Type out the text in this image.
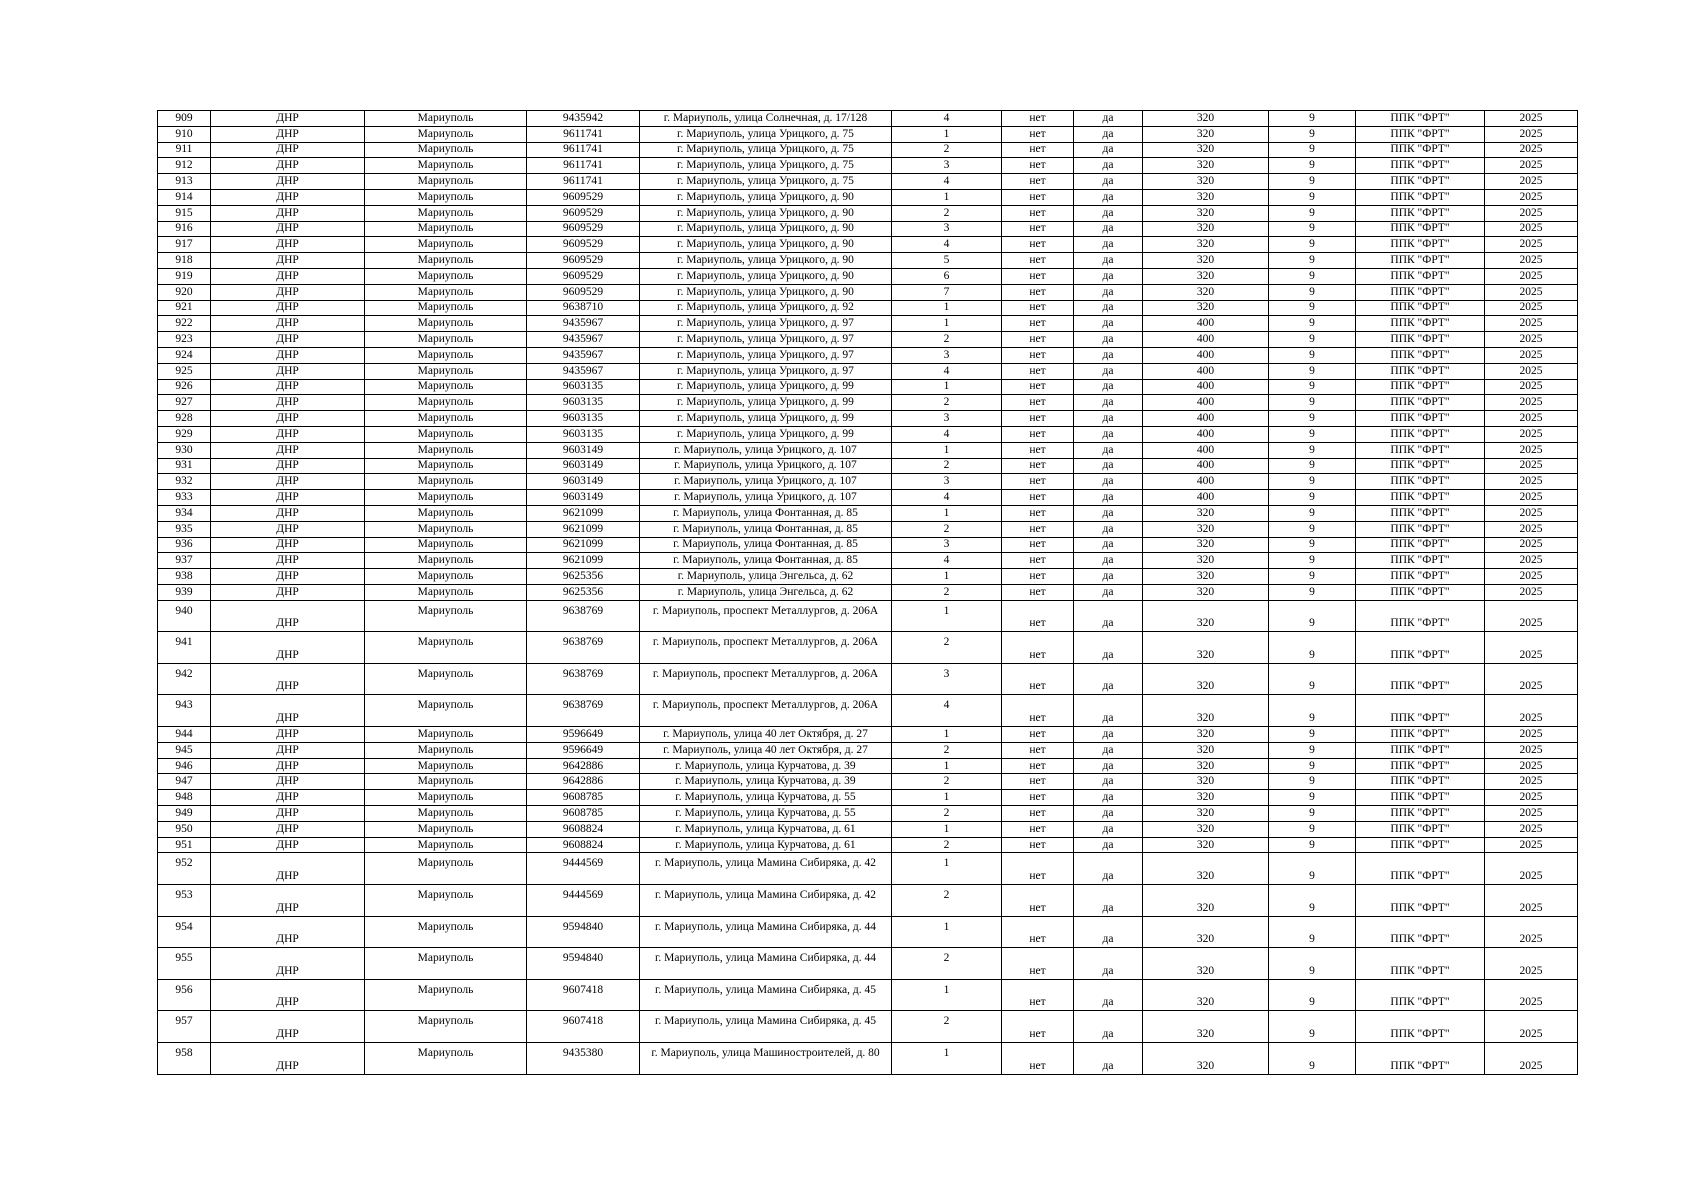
909	ДНР	Мариуполь	9435942	г. Мариуполь, улица Солнечная, д. 17/128	4	нет	да	320	9	ППК "ФРТ"	2025
910	ДНР	Мариуполь	9611741	г. Мариуполь, улица Урицкого, д. 75	1	нет	да	320	9	ППК "ФРТ"	2025
911	ДНР	Мариуполь	9611741	г. Мариуполь, улица Урицкого, д. 75	2	нет	да	320	9	ППК "ФРТ"	2025
912	ДНР	Мариуполь	9611741	г. Мариуполь, улица Урицкого, д. 75	3	нет	да	320	9	ППК "ФРТ"	2025
913	ДНР	Мариуполь	9611741	г. Мариуполь, улица Урицкого, д. 75	4	нет	да	320	9	ППК "ФРТ"	2025
914	ДНР	Мариуполь	9609529	г. Мариуполь, улица Урицкого, д. 90	1	нет	да	320	9	ППК "ФРТ"	2025
915	ДНР	Мариуполь	9609529	г. Мариуполь, улица Урицкого, д. 90	2	нет	да	320	9	ППК "ФРТ"	2025
916	ДНР	Мариуполь	9609529	г. Мариуполь, улица Урицкого, д. 90	3	нет	да	320	9	ППК "ФРТ"	2025
917	ДНР	Мариуполь	9609529	г. Мариуполь, улица Урицкого, д. 90	4	нет	да	320	9	ППК "ФРТ"	2025
918	ДНР	Мариуполь	9609529	г. Мариуполь, улица Урицкого, д. 90	5	нет	да	320	9	ППК "ФРТ"	2025
919	ДНР	Мариуполь	9609529	г. Мариуполь, улица Урицкого, д. 90	6	нет	да	320	9	ППК "ФРТ"	2025
920	ДНР	Мариуполь	9609529	г. Мариуполь, улица Урицкого, д. 90	7	нет	да	320	9	ППК "ФРТ"	2025
921	ДНР	Мариуполь	9638710	г. Мариуполь, улица Урицкого, д. 92	1	нет	да	320	9	ППК "ФРТ"	2025
922	ДНР	Мариуполь	9435967	г. Мариуполь, улица Урицкого, д. 97	1	нет	да	400	9	ППК "ФРТ"	2025
923	ДНР	Мариуполь	9435967	г. Мариуполь, улица Урицкого, д. 97	2	нет	да	400	9	ППК "ФРТ"	2025
924	ДНР	Мариуполь	9435967	г. Мариуполь, улица Урицкого, д. 97	3	нет	да	400	9	ППК "ФРТ"	2025
925	ДНР	Мариуполь	9435967	г. Мариуполь, улица Урицкого, д. 97	4	нет	да	400	9	ППК "ФРТ"	2025
926	ДНР	Мариуполь	9603135	г. Мариуполь, улица Урицкого, д. 99	1	нет	да	400	9	ППК "ФРТ"	2025
927	ДНР	Мариуполь	9603135	г. Мариуполь, улица Урицкого, д. 99	2	нет	да	400	9	ППК "ФРТ"	2025
928	ДНР	Мариуполь	9603135	г. Мариуполь, улица Урицкого, д. 99	3	нет	да	400	9	ППК "ФРТ"	2025
929	ДНР	Мариуполь	9603135	г. Мариуполь, улица Урицкого, д. 99	4	нет	да	400	9	ППК "ФРТ"	2025
930	ДНР	Мариуполь	9603149	г. Мариуполь, улица Урицкого, д. 107	1	нет	да	400	9	ППК "ФРТ"	2025
931	ДНР	Мариуполь	9603149	г. Мариуполь, улица Урицкого, д. 107	2	нет	да	400	9	ППК "ФРТ"	2025
932	ДНР	Мариуполь	9603149	г. Мариуполь, улица Урицкого, д. 107	3	нет	да	400	9	ППК "ФРТ"	2025
933	ДНР	Мариуполь	9603149	г. Мариуполь, улица Урицкого, д. 107	4	нет	да	400	9	ППК "ФРТ"	2025
934	ДНР	Мариуполь	9621099	г. Мариуполь, улица Фонтанная, д. 85	1	нет	да	320	9	ППК "ФРТ"	2025
935	ДНР	Мариуполь	9621099	г. Мариуполь, улица Фонтанная, д. 85	2	нет	да	320	9	ППК "ФРТ"	2025
936	ДНР	Мариуполь	9621099	г. Мариуполь, улица Фонтанная, д. 85	3	нет	да	320	9	ППК "ФРТ"	2025
937	ДНР	Мариуполь	9621099	г. Мариуполь, улица Фонтанная, д. 85	4	нет	да	320	9	ППК "ФРТ"	2025
938	ДНР	Мариуполь	9625356	г. Мариуполь, улица Энгельса, д. 62	1	нет	да	320	9	ППК "ФРТ"	2025
939	ДНР	Мариуполь	9625356	г. Мариуполь, улица Энгельса, д. 62	2	нет	да	320	9	ППК "ФРТ"	2025
940	ДНР	Мариуполь	9638769	г. Мариуполь, проспект Металлургов, д. 206А	1	нет	да	320	9	ППК "ФРТ"	2025
941	ДНР	Мариуполь	9638769	г. Мариуполь, проспект Металлургов, д. 206А	2	нет	да	320	9	ППК "ФРТ"	2025
942	ДНР	Мариуполь	9638769	г. Мариуполь, проспект Металлургов, д. 206А	3	нет	да	320	9	ППК "ФРТ"	2025
943	ДНР	Мариуполь	9638769	г. Мариуполь, проспект Металлургов, д. 206А	4	нет	да	320	9	ППК "ФРТ"	2025
944	ДНР	Мариуполь	9596649	г. Мариуполь, улица 40 лет Октября, д. 27	1	нет	да	320	9	ППК "ФРТ"	2025
945	ДНР	Мариуполь	9596649	г. Мариуполь, улица 40 лет Октября, д. 27	2	нет	да	320	9	ППК "ФРТ"	2025
946	ДНР	Мариуполь	9642886	г. Мариуполь, улица Курчатова, д. 39	1	нет	да	320	9	ППК "ФРТ"	2025
947	ДНР	Мариуполь	9642886	г. Мариуполь, улица Курчатова, д. 39	2	нет	да	320	9	ППК "ФРТ"	2025
948	ДНР	Мариуполь	9608785	г. Мариуполь, улица Курчатова, д. 55	1	нет	да	320	9	ППК "ФРТ"	2025
949	ДНР	Мариуполь	9608785	г. Мариуполь, улица Курчатова, д. 55	2	нет	да	320	9	ППК "ФРТ"	2025
950	ДНР	Мариуполь	9608824	г. Мариуполь, улица Курчатова, д. 61	1	нет	да	320	9	ППК "ФРТ"	2025
951	ДНР	Мариуполь	9608824	г. Мариуполь, улица Курчатова, д. 61	2	нет	да	320	9	ППК "ФРТ"	2025
952	ДНР	Мариуполь	9444569	г. Мариуполь, улица Мамина Сибиряка, д. 42	1	нет	да	320	9	ППК "ФРТ"	2025
953	ДНР	Мариуполь	9444569	г. Мариуполь, улица Мамина Сибиряка, д. 42	2	нет	да	320	9	ППК "ФРТ"	2025
954	ДНР	Мариуполь	9594840	г. Мариуполь, улица Мамина Сибиряка, д. 44	1	нет	да	320	9	ППК "ФРТ"	2025
955	ДНР	Мариуполь	9594840	г. Мариуполь, улица Мамина Сибиряка, д. 44	2	нет	да	320	9	ППК "ФРТ"	2025
956	ДНР	Мариуполь	9607418	г. Мариуполь, улица Мамина Сибиряка, д. 45	1	нет	да	320	9	ППК "ФРТ"	2025
957	ДНР	Мариуполь	9607418	г. Мариуполь, улица Мамина Сибиряка, д. 45	2	нет	да	320	9	ППК "ФРТ"	2025
958	ДНР	Мариуполь	9435380	г. Мариуполь, улица Машиностроителей, д. 80	1	нет	да	320	9	ППК "ФРТ"	2025
